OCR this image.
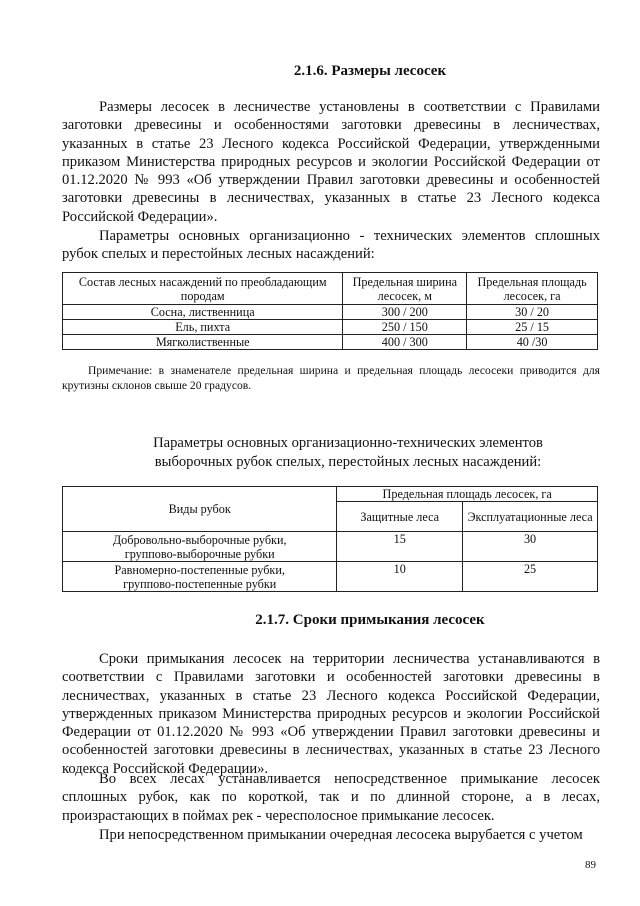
2.1.6. Размеры лесосек

Размеры лесосек в лесничестве установлены в соответствии с Правилами заготовки древесины и особенностями заготовки древесины в лесничествах, указанных в статье 23 Лесного кодекса Российской Федерации, утвержденными приказом Министерства природных ресурсов и экологии Российской Федерации от 01.12.2020 № 993 «Об утверждении Правил заготовки древесины и особенностей заготовки древесины в лесничествах, указанных в статье 23 Лесного кодекса Российской Федерации».

Параметры основных организационно - технических элементов сплошных рубок спелых и перестойных лесных насаждений:

Состав лесных насаждений по преобладающим породам	Предельная ширина лесосек, м	Предельная площадь лесосек, га
Сосна, лиственница	300 / 200	30 / 20
Ель, пихта	250 / 150	25 / 15
Мягколиственные	400 / 300	40 /30

Примечание: в знаменателе предельная ширина и предельная площадь лесосеки приводится для крутизны склонов свыше 20 градусов.

Параметры основных организационно-технических элементов выборочных рубок спелых, перестойных лесных насаждений:

Виды рубок	Предельная площадь лесосек, га	
	Защитные леса	Эксплуатационные леса
Добровольно-выборочные рубки, группово-выборочные рубки	15	30
Равномерно-постепенные рубки, группово-постепенные рубки	10	25
2.1.7. Сроки примыкания лесосек

Сроки примыкания лесосек на территории лесничества устанавливаются в соответствии с Правилами заготовки и особенностей заготовки древесины в лесничествах, указанных в статье 23 Лесного кодекса Российской Федерации, утвержденных приказом Министерства природных ресурсов и экологии Российской Федерации от 01.12.2020 № 993 «Об утверждении Правил заготовки древесины и особенностей заготовки древесины в лесничествах, указанных в статье 23 Лесного кодекса Российской Федерации».

Во всех лесах устанавливается непосредственное примыкание лесосек сплошных рубок, как по короткой, так и по длинной стороне, а в лесах, произрастающих в поймах рек - чересполосное примыкание лесосек.

При непосредственном примыкании очередная лесосека вырубается с учетом

89
